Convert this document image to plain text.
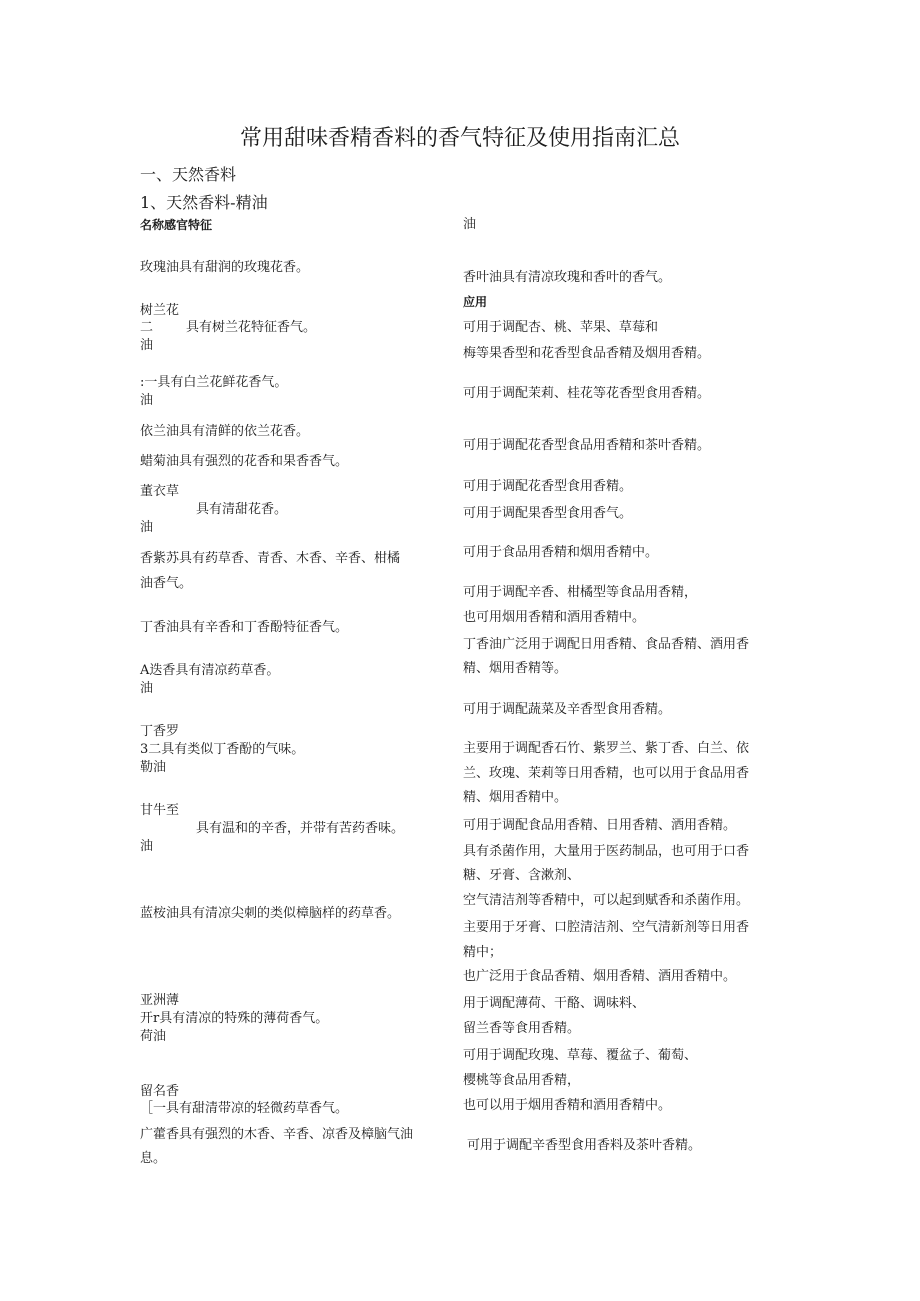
常用甜味香精香料的香气特征及使用指南汇总
一、天然香料
1、天然香料-精油
名称感官特征
玫瑰油具有甜润的玫瑰花香。
树兰花
二	具有树兰花特征香气。
油
:一具有白兰花鲜花香气。
油
依兰油具有清鲜的依兰花香。
蜡菊油具有强烈的花香和果香香气。
董衣草
具有清甜花香。
油
香紫苏具有药草香、青香、木香、辛香、柑橘
油香气。
丁香油具有辛香和丁香酚特征香气。
A迭香具有清凉药草香。
油
丁香罗
3二具有类似丁香酚的气味。
勒油
甘牛至
具有温和的辛香，并带有苦药香味。
油
蓝桉油具有清凉尖刺的类似樟脑样的药草香。
亚洲薄
开r具有清凉的特殊的薄荷香气。
荷油
留名香
［一具有甜清带凉的轻微药草香气。
广藿香具有强烈的木香、辛香、凉香及樟脑气油
息。
油
香叶油具有清凉玫瑰和香叶的香气。
应用
可用于调配杏、桃、苹果、草莓和
梅等果香型和花香型食品香精及烟用香精。
可用于调配茉莉、桂花等花香型食用香精。
可用于调配花香型食品用香精和茶叶香精。
可用于调配花香型食用香精。
可用于调配果香型食用香气。
可用于食品用香精和烟用香精中。
可用于调配辛香、柑橘型等食品用香精，
也可用烟用香精和酒用香精中。
丁香油广泛用于调配日用香精、食品香精、酒用香
精、烟用香精等。
可用于调配蔬菜及辛香型食用香精。
主要用于调配香石竹、紫罗兰、紫丁香、白兰、依
兰、玫瑰、茉莉等日用香精，也可以用于食品用香
精、烟用香精中。
可用于调配食品用香精、日用香精、酒用香精。
具有杀菌作用，大量用于医药制品，也可用于口香
糖、牙膏、含漱剂、
空气清洁剂等香精中，可以起到赋香和杀菌作用。
主要用于牙膏、口腔清洁剂、空气清新剂等日用香
精中；
也广泛用于食品香精、烟用香精、酒用香精中。
用于调配薄荷、干酪、调味料、
留兰香等食用香精。
可用于调配玫瑰、草莓、覆盆子、葡萄、
樱桃等食品用香精，
也可以用于烟用香精和酒用香精中。
可用于调配辛香型食用香料及茶叶香精。
